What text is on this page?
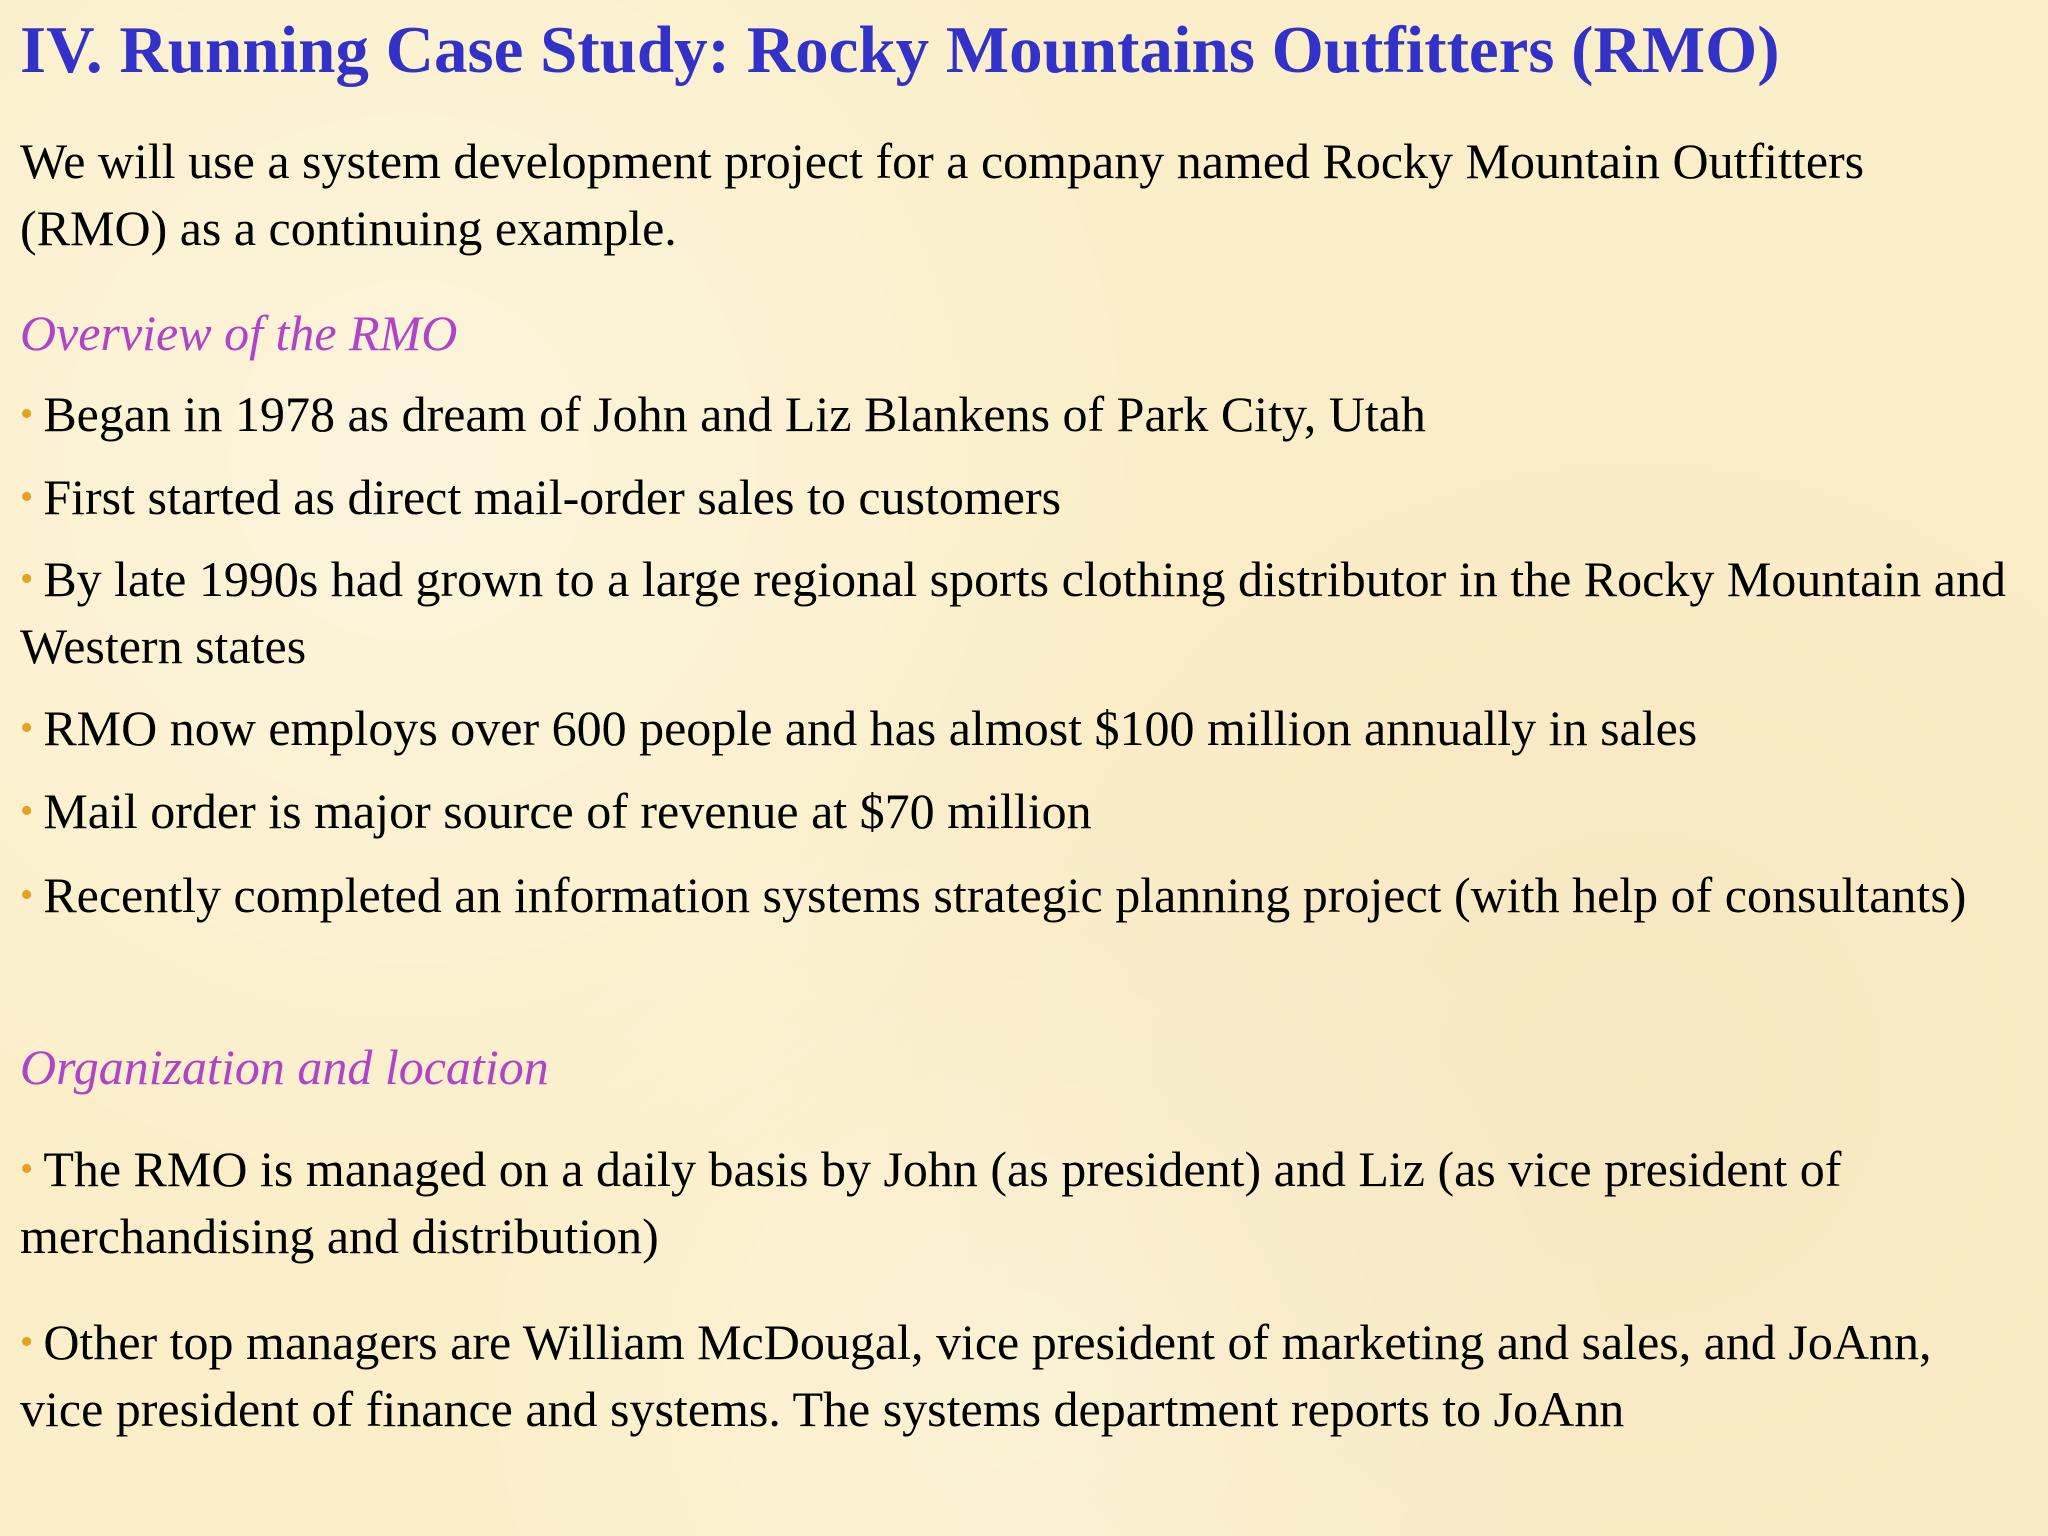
IV. Running Case Study: Rocky Mountains Outfitters (RMO)

We will use a system development project for a company named Rocky Mountain Outfitters (RMO) as a continuing example.

Overview of the RMO

• Began in 1978 as dream of John and Liz Blankens of Park City, Utah

• First started as direct mail-order sales to customers

• By late 1990s had grown to a large regional sports clothing distributor in the Rocky Mountain and Western states

• RMO now employs over 600 people and has almost $100 million annually in sales

• Mail order is major source of revenue at $70 million

• Recently completed an information systems strategic planning project (with help of consultants)

Organization and location

• The RMO is managed on a daily basis by John (as president) and Liz (as vice president of merchandising and distribution)

• Other top managers are William McDougal, vice president of marketing and sales, and JoAnn, vice president of finance and systems. The systems department reports to JoAnn
